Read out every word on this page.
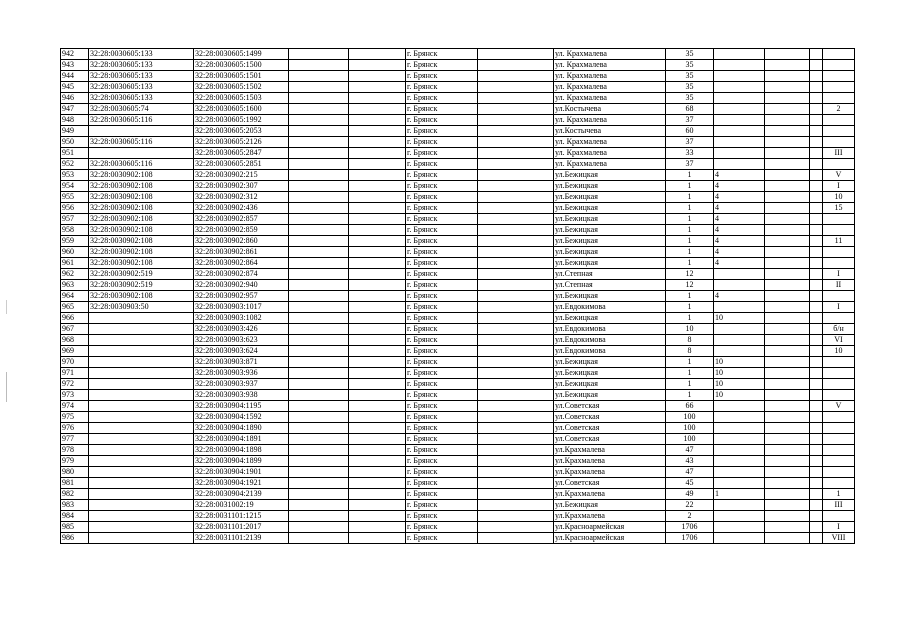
942	32:28:0030605:133	32:28:0030605:1499			г. Брянск		ул. Крахмалева	35				
943	32:28:0030605:133	32:28:0030605:1500			г. Брянск		ул. Крахмалева	35				
944	32:28:0030605:133	32:28:0030605:1501			г. Брянск		ул. Крахмалева	35				
945	32:28:0030605:133	32:28:0030605:1502			г. Брянск		ул. Крахмалева	35				
946	32:28:0030605:133	32:28:0030605:1503			г. Брянск		ул. Крахмалева	35				
947	32:28:0030605:74	32:28:0030605:1600			г. Брянск		ул.Костычева	68				2
948	32:28:0030605:116	32:28:0030605:1992			г. Брянск		ул. Крахмалева	37				
949		32:28:0030605:2053			г. Брянск		ул.Костычева	60				
950	32:28:0030605:116	32:28:0030605:2126			г. Брянск		ул. Крахмалева	37				
951		32:28:0030605:2847			г. Брянск		ул. Крахмалева	33				III
952	32:28:0030605:116	32:28:0030605:2851			г. Брянск		ул. Крахмалева	37				
953	32:28:0030902:108	32:28:0030902:215			г. Брянск		ул.Бежицкая	1	4			V
954	32:28:0030902:108	32:28:0030902:307			г. Брянск		ул.Бежицкая	1	4			I
955	32:28:0030902:108	32:28:0030902:312			г. Брянск		ул.Бежицкая	1	4			10
956	32:28:0030902:108	32:28:0030902:436			г. Брянск		ул.Бежицкая	1	4			15
957	32:28:0030902:108	32:28:0030902:857			г. Брянск		ул.Бежицкая	1	4			
958	32:28:0030902:108	32:28:0030902:859			г. Брянск		ул.Бежицкая	1	4			
959	32:28:0030902:108	32:28:0030902:860			г. Брянск		ул.Бежицкая	1	4			11
960	32:28:0030902:108	32:28:0030902:861			г. Брянск		ул.Бежицкая	1	4			
961	32:28:0030902:108	32:28:0030902:864			г. Брянск		ул.Бежицкая	1	4			
962	32:28:0030902:519	32:28:0030902:874			г. Брянск		ул.Степная	12				I
963	32:28:0030902:519	32:28:0030902:940			г. Брянск		ул.Степная	12				II
964	32:28:0030902:108	32:28:0030902:957			г. Брянск		ул.Бежицкая	1	4			
965	32:28:0030903:50	32:28:0030903:1017			г. Брянск		ул.Евдокимова	1				I
966		32:28:0030903:1082			г. Брянск		ул.Бежицкая	1	10			
967		32:28:0030903:426			г. Брянск		ул.Евдокимова	10				б/н
968		32:28:0030903:623			г. Брянск		ул.Евдокимова	8				VI
969		32:28:0030903:624			г. Брянск		ул.Евдокимова	8				10
970		32:28:0030903:871			г. Брянск		ул.Бежицкая	1	10			
971		32:28:0030903:936			г. Брянск		ул.Бежицкая	1	10			
972		32:28:0030903:937			г. Брянск		ул.Бежицкая	1	10			
973		32:28:0030903:938			г. Брянск		ул.Бежицкая	1	10			
974		32:28:0030904:1195			г. Брянск		ул.Советская	66				V
975		32:28:0030904:1592			г. Брянск		ул.Советская	100				
976		32:28:0030904:1890			г. Брянск		ул.Советская	100				
977		32:28:0030904:1891			г. Брянск		ул.Советская	100				
978		32:28:0030904:1898			г. Брянск		ул.Крахмалева	47				
979		32:28:0030904:1899			г. Брянск		ул.Крахмалева	43				
980		32:28:0030904:1901			г. Брянск		ул.Крахмалева	47				
981		32:28:0030904:1921			г. Брянск		ул.Советская	45				
982		32:28:0030904:2139			г. Брянск		ул.Крахмалева	49	1			1
983		32:28:0031002:19			г. Брянск		ул.Бежицкая	22				III
984		32:28:0031101:1215			г. Брянск		ул.Крахмалева	2				
985		32:28:0031101:2017			г. Брянск		ул.Красноармейская	1706				I
986		32:28:0031101:2139			г. Брянск		ул.Красноармейская	1706				VIII
